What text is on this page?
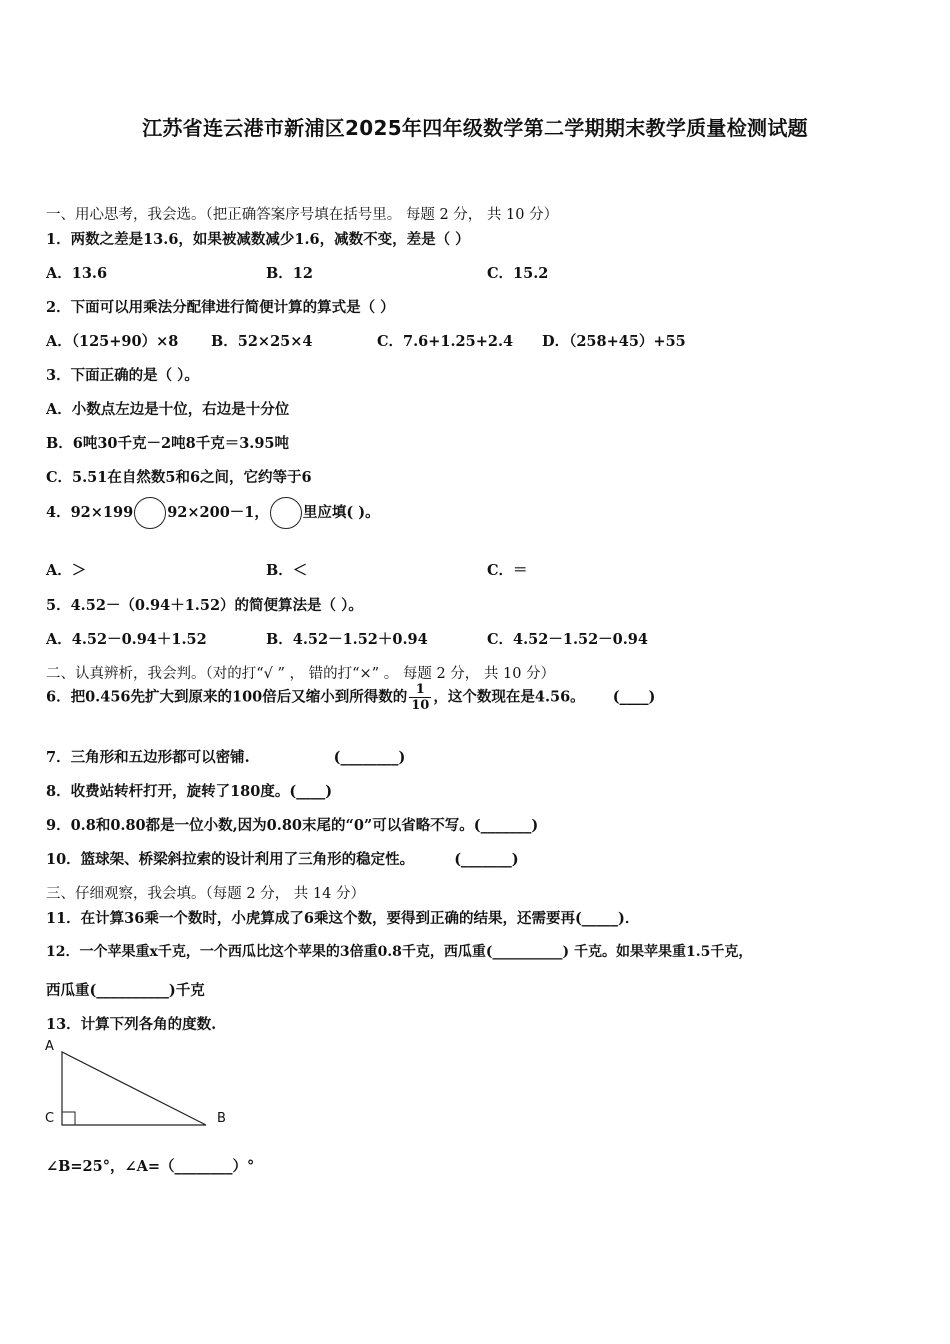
江苏省连云港市新浦区2025年四年级数学第二学期期末教学质量检测试题
一、用心思考，我会选。（把正确答案序号填在括号里。 每题 2 分， 共 10 分）
1．两数之差是13.6，如果被减数减少1.6，减数不变，差是（ ）
A．13.6	B．12	C．15.2
2．下面可以用乘法分配律进行简便计算的算式是（ ）
A．（125+90）×8 B．52×25×4	C．7.6+1.25+2.4 D．（258+45）+55
3．下面正确的是（ ）。
A．小数点左边是十位，右边是十分位
B．6吨30千克－2吨8千克＝3.95吨
C．5.51在自然数5和6之间，它约等于6
4．92×199 92×200－1， 里应填( )。
A．＞	B．＜	C．＝
5．4.52－（0.94＋1.52）的简便算法是（ ）。
A．4.52－0.94＋1.52	B．4.52－1.52＋0.94	C．4.52－1.52－0.94
二、认真辨析，我会判。（对的打“√ ” ， 错的打“×” 。 每题 2 分， 共 10 分）
6．把0.456先扩大到原来的100倍后又缩小到所得数的 $\frac{1}{10}$ ，这个数现在是4.56。 (____)
7．三角形和五边形都可以密铺.	(________)
8．收费站转杆打开，旋转了180度。(____)
9．0.8和0.80都是一位小数,因为0.80末尾的“0”可以省略不写。(_______)
10．篮球架、桥梁斜拉索的设计利用了三角形的稳定性。	(_______)
三、仔细观察，我会填。（每题 2 分， 共 14 分）
11．在计算36乘一个数时，小虎算成了6乘这个数，要得到正确的结果，还需要再(_____)．
12．一个苹果重x千克，一个西瓜比这个苹果的3倍重0.8千克，西瓜重(__________) 千克。如果苹果重1.5千克，
西瓜重(__________)千克
13．计算下列各角的度数.
A
C	B
∠B=25°，∠A=（________）°
